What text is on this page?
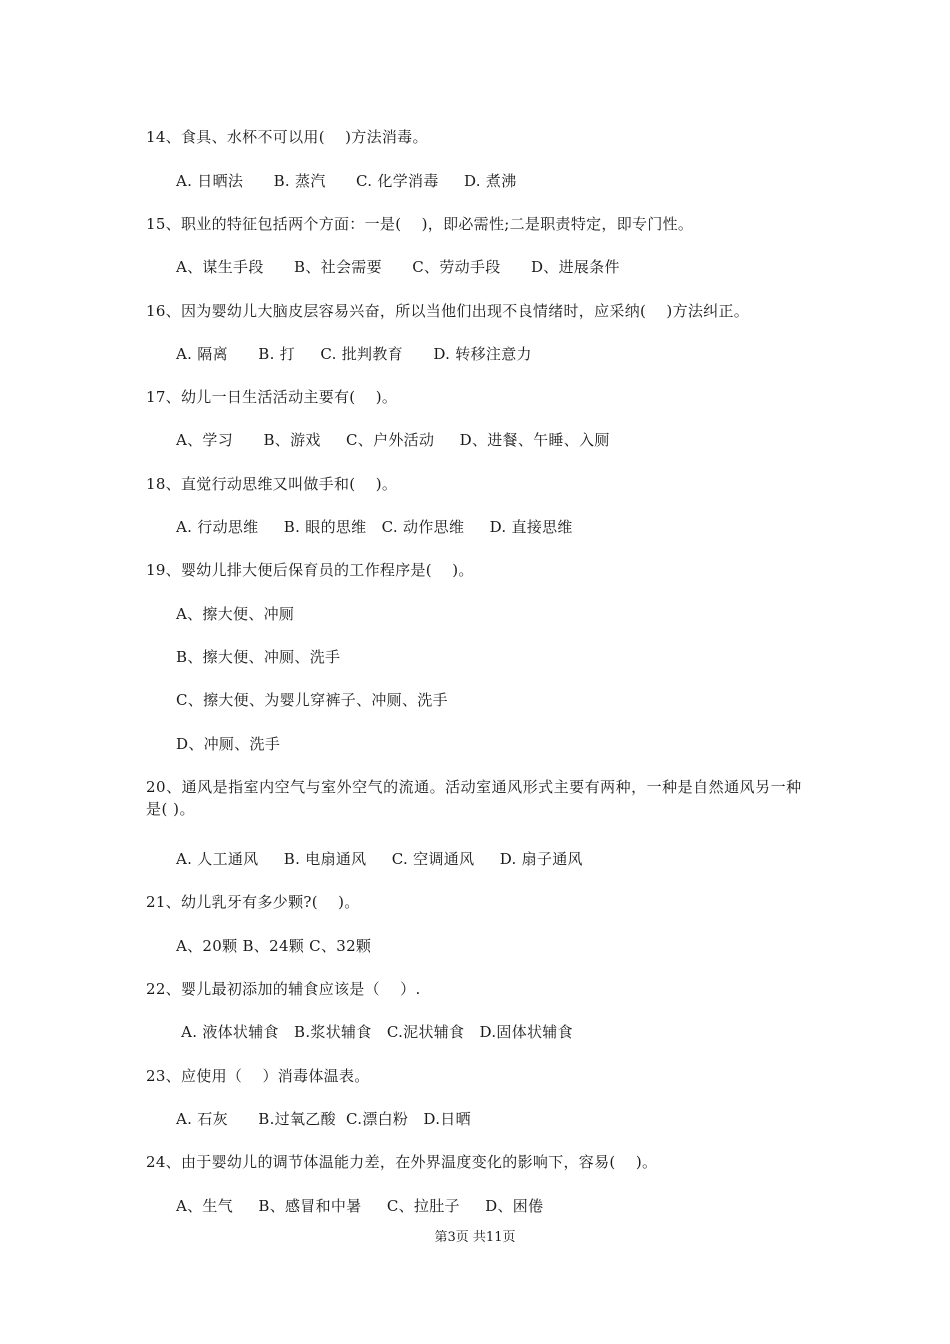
14、食具、水杯不可以用(    )方法消毒。

A. 日晒法      B. 蒸汽      C. 化学消毒     D. 煮沸

15、职业的特征包括两个方面：一是(    )，即必需性;二是职责特定，即专门性。

A、谋生手段      B、社会需要      C、劳动手段      D、进展条件

16、因为婴幼儿大脑皮层容易兴奋，所以当他们出现不良情绪时，应采纳(    )方法纠正。

A. 隔离      B. 打     C. 批判教育      D. 转移注意力

17、幼儿一日生活活动主要有(    )。

A、学习      B、游戏     C、户外活动     D、进餐、午睡、入厕

18、直觉行动思维又叫做手和(    )。

A. 行动思维     B. 眼的思维   C. 动作思维     D. 直接思维

19、婴幼儿排大便后保育员的工作程序是(    )。

A、擦大便、冲厕

B、擦大便、冲厕、洗手

C、擦大便、为婴儿穿裤子、冲厕、洗手

D、冲厕、洗手

20、通风是指室内空气与室外空气的流通。活动室通风形式主要有两种，一种是自然通风另一种是( )。

A. 人工通风     B. 电扇通风     C. 空调通风     D. 扇子通风

21、幼儿乳牙有多少颗?(    )。

A、20颗 B、24颗 C、32颗

22、婴儿最初添加的辅食应该是（    ）.

A. 液体状辅食   B.浆状辅食   C.泥状辅食   D.固体状辅食

23、应使用（    ）消毒体温表。

A. 石灰      B.过氧乙酸  C.漂白粉   D.日晒

24、由于婴幼儿的调节体温能力差，在外界温度变化的影响下，容易(    )。

A、生气     B、感冒和中暑     C、拉肚子     D、困倦

第3页 共11页
